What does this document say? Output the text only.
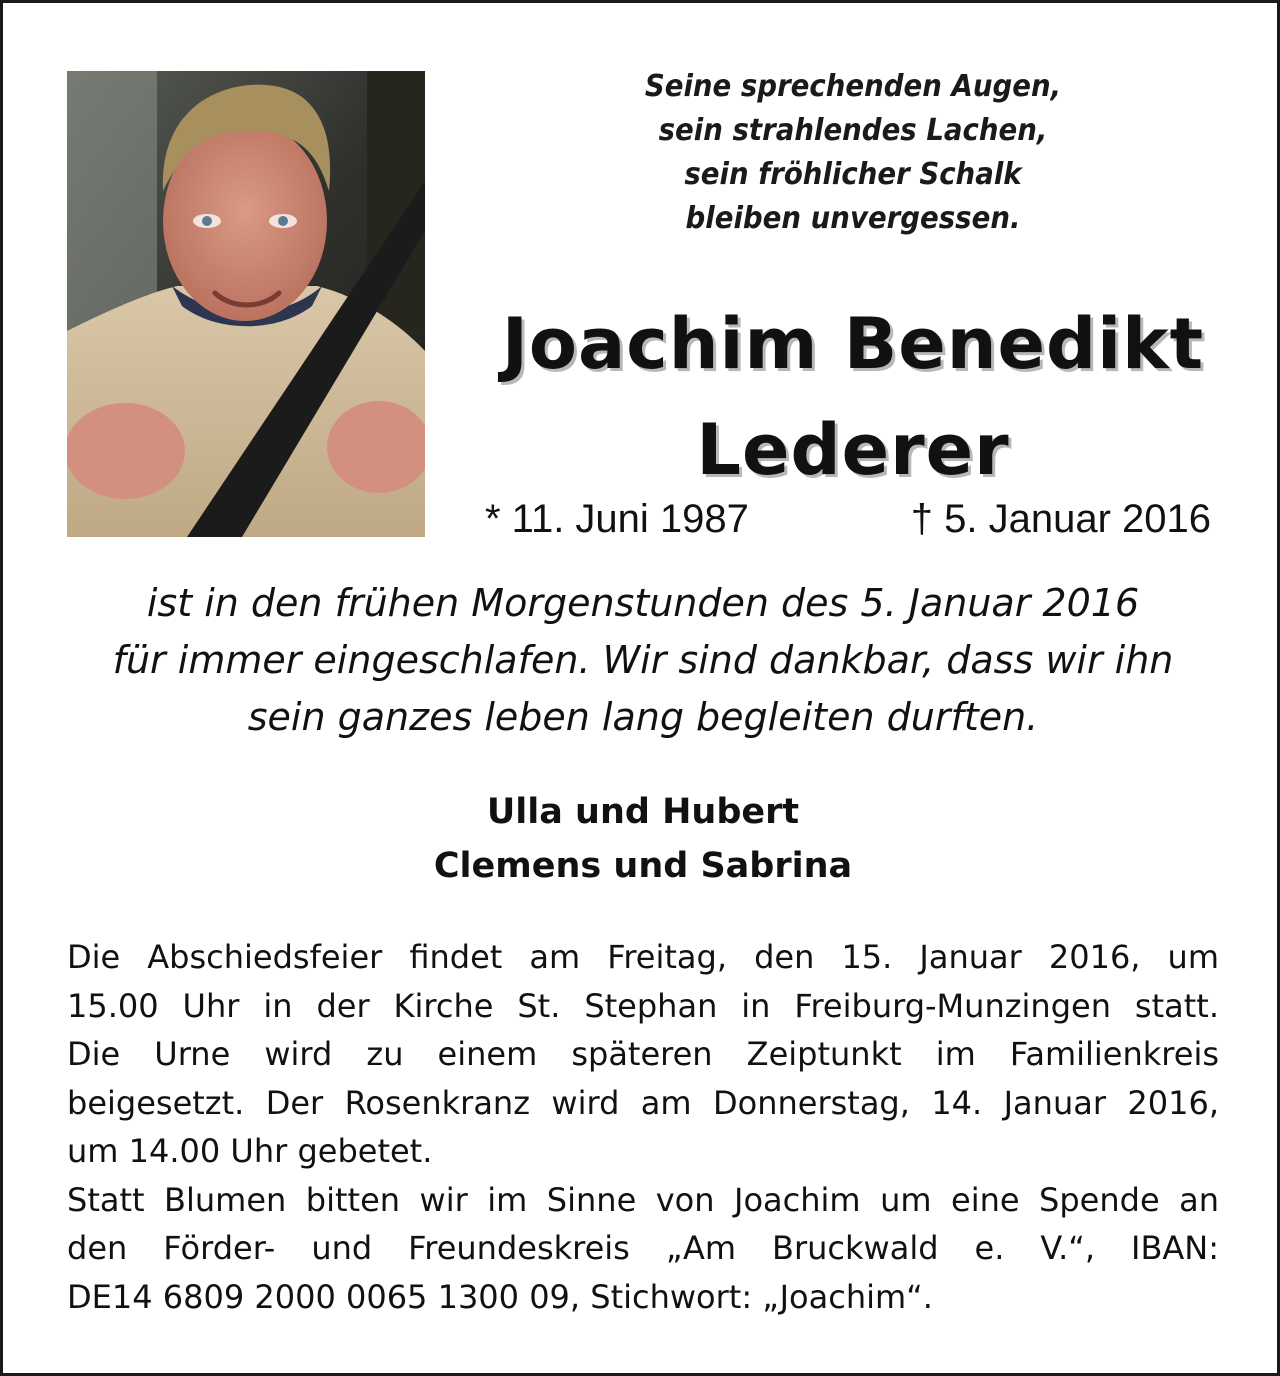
Seine sprechenden Augen,
sein strahlendes Lachen,
sein fröhlicher Schalk
bleiben unvergessen.
Joachim Benedikt
Lederer
* 11. Juni 1987	† 5. Januar 2016
ist in den frühen Morgenstunden des 5. Januar 2016
für immer eingeschlafen. Wir sind dankbar, dass wir ihn
sein ganzes leben lang begleiten durften.
Ulla und Hubert
Clemens und Sabrina
Die Abschiedsfeier findet am Freitag, den 15. Januar 2016, um
15.00 Uhr in der Kirche St. Stephan in Freiburg-Munzingen statt.
Die Urne wird zu einem späteren Zeiptunkt im Familienkreis
beigesetzt. Der Rosenkranz wird am Donnerstag, 14. Januar 2016,
um 14.00 Uhr gebetet.
Statt Blumen bitten wir im Sinne von Joachim um eine Spende an
den Förder- und Freundeskreis „Am Bruckwald e. V.“, IBAN:
DE14 6809 2000 0065 1300 09, Stichwort: „Joachim“.
